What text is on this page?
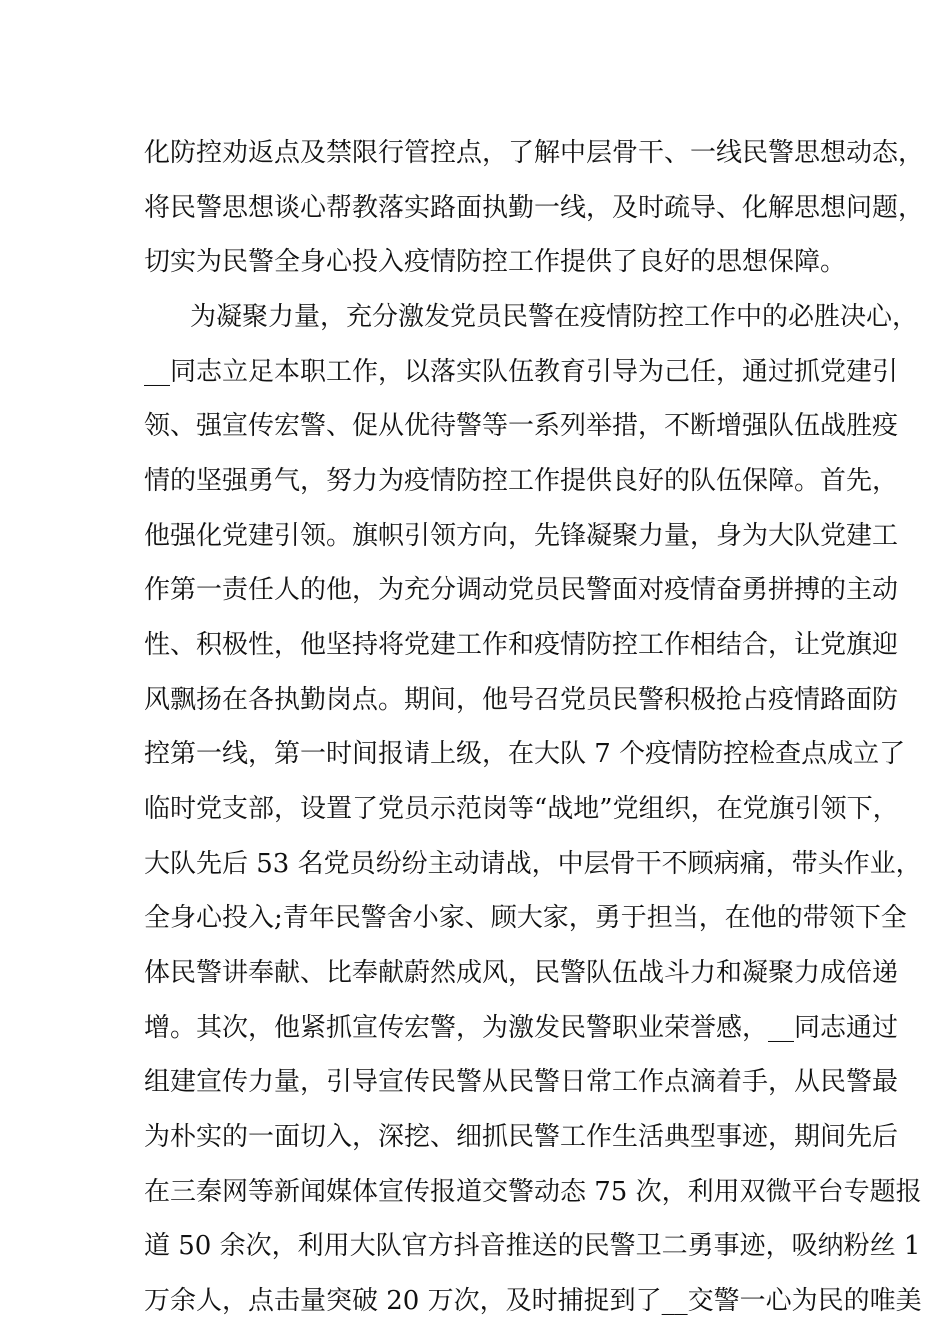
化防控劝返点及禁限行管控点，了解中层骨干、一线民警思想动态，

将民警思想谈心帮教落实路面执勤一线，及时疏导、化解思想问题，

切实为民警全身心投入疫情防控工作提供了良好的思想保障。

为凝聚力量，充分激发党员民警在疫情防控工作中的必胜决心，

__同志立足本职工作，以落实队伍教育引导为己任，通过抓党建引

领、强宣传宏警、促从优待警等一系列举措，不断增强队伍战胜疫

情的坚强勇气，努力为疫情防控工作提供良好的队伍保障。首先，

他强化党建引领。旗帜引领方向，先锋凝聚力量，身为大队党建工

作第一责任人的他，为充分调动党员民警面对疫情奋勇拼搏的主动

性、积极性，他坚持将党建工作和疫情防控工作相结合，让党旗迎

风飘扬在各执勤岗点。期间，他号召党员民警积极抢占疫情路面防

控第一线，第一时间报请上级，在大队 7 个疫情防控检查点成立了

临时党支部，设置了党员示范岗等“战地”党组织，在党旗引领下，

大队先后 53 名党员纷纷主动请战，中层骨干不顾病痛，带头作业，

全身心投入;青年民警舍小家、顾大家，勇于担当，在他的带领下全

体民警讲奉献、比奉献蔚然成风，民警队伍战斗力和凝聚力成倍递

增。其次，他紧抓宣传宏警，为激发民警职业荣誉感，__同志通过

组建宣传力量，引导宣传民警从民警日常工作点滴着手，从民警最

为朴实的一面切入，深挖、细抓民警工作生活典型事迹，期间先后

在三秦网等新闻媒体宣传报道交警动态 75 次，利用双微平台专题报

道 50 余次，利用大队官方抖音推送的民警卫二勇事迹，吸纳粉丝 1

万余人，点击量突破 20 万次，及时捕捉到了__交警一心为民的唯美
